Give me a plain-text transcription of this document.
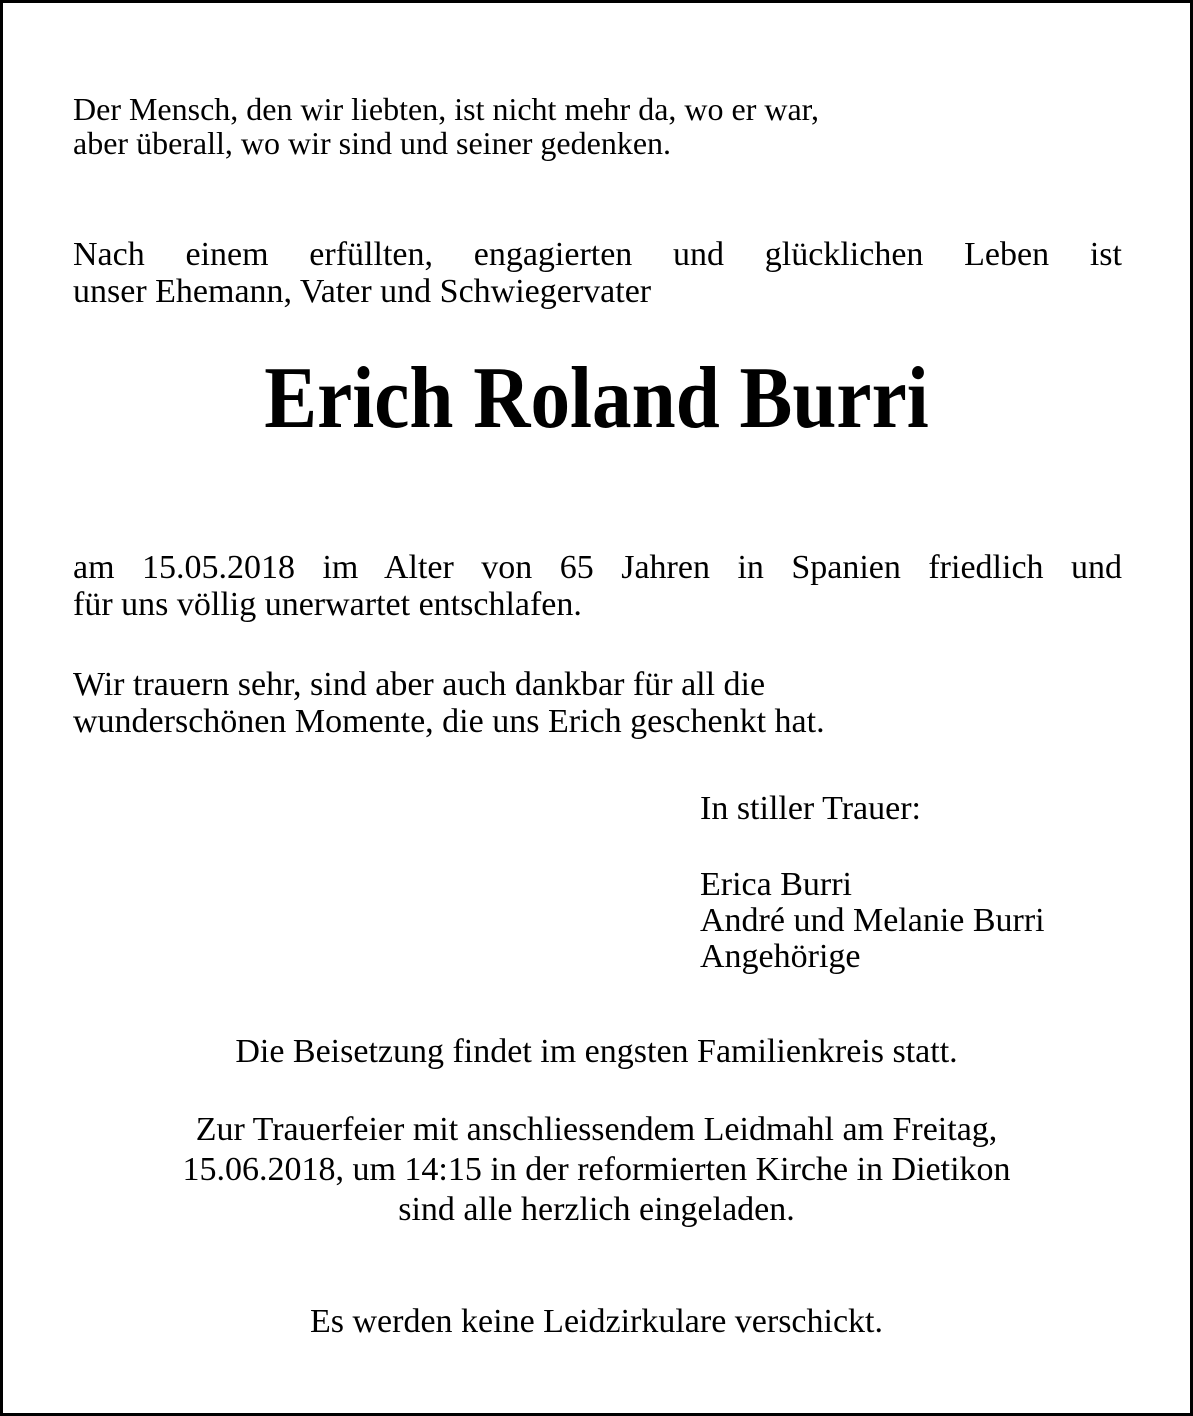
Der Mensch, den wir liebten, ist nicht mehr da, wo er war,
aber überall, wo wir sind und seiner gedenken.
Nach einem erfüllten, engagierten und glücklichen Leben ist
unser Ehemann, Vater und Schwiegervater
Erich Roland Burri
am 15.05.2018 im Alter von 65 Jahren in Spanien friedlich und
für uns völlig unerwartet entschlafen.
Wir trauern sehr, sind aber auch dankbar für all die
wunderschönen Momente, die uns Erich geschenkt hat.
In stiller Trauer:
Erica Burri
André und Melanie Burri
Angehörige
Die Beisetzung findet im engsten Familienkreis statt.
Zur Trauerfeier mit anschliessendem Leidmahl am Freitag,
15.06.2018, um 14:15 in der reformierten Kirche in Dietikon
sind alle herzlich eingeladen.
Es werden keine Leidzirkulare verschickt.
